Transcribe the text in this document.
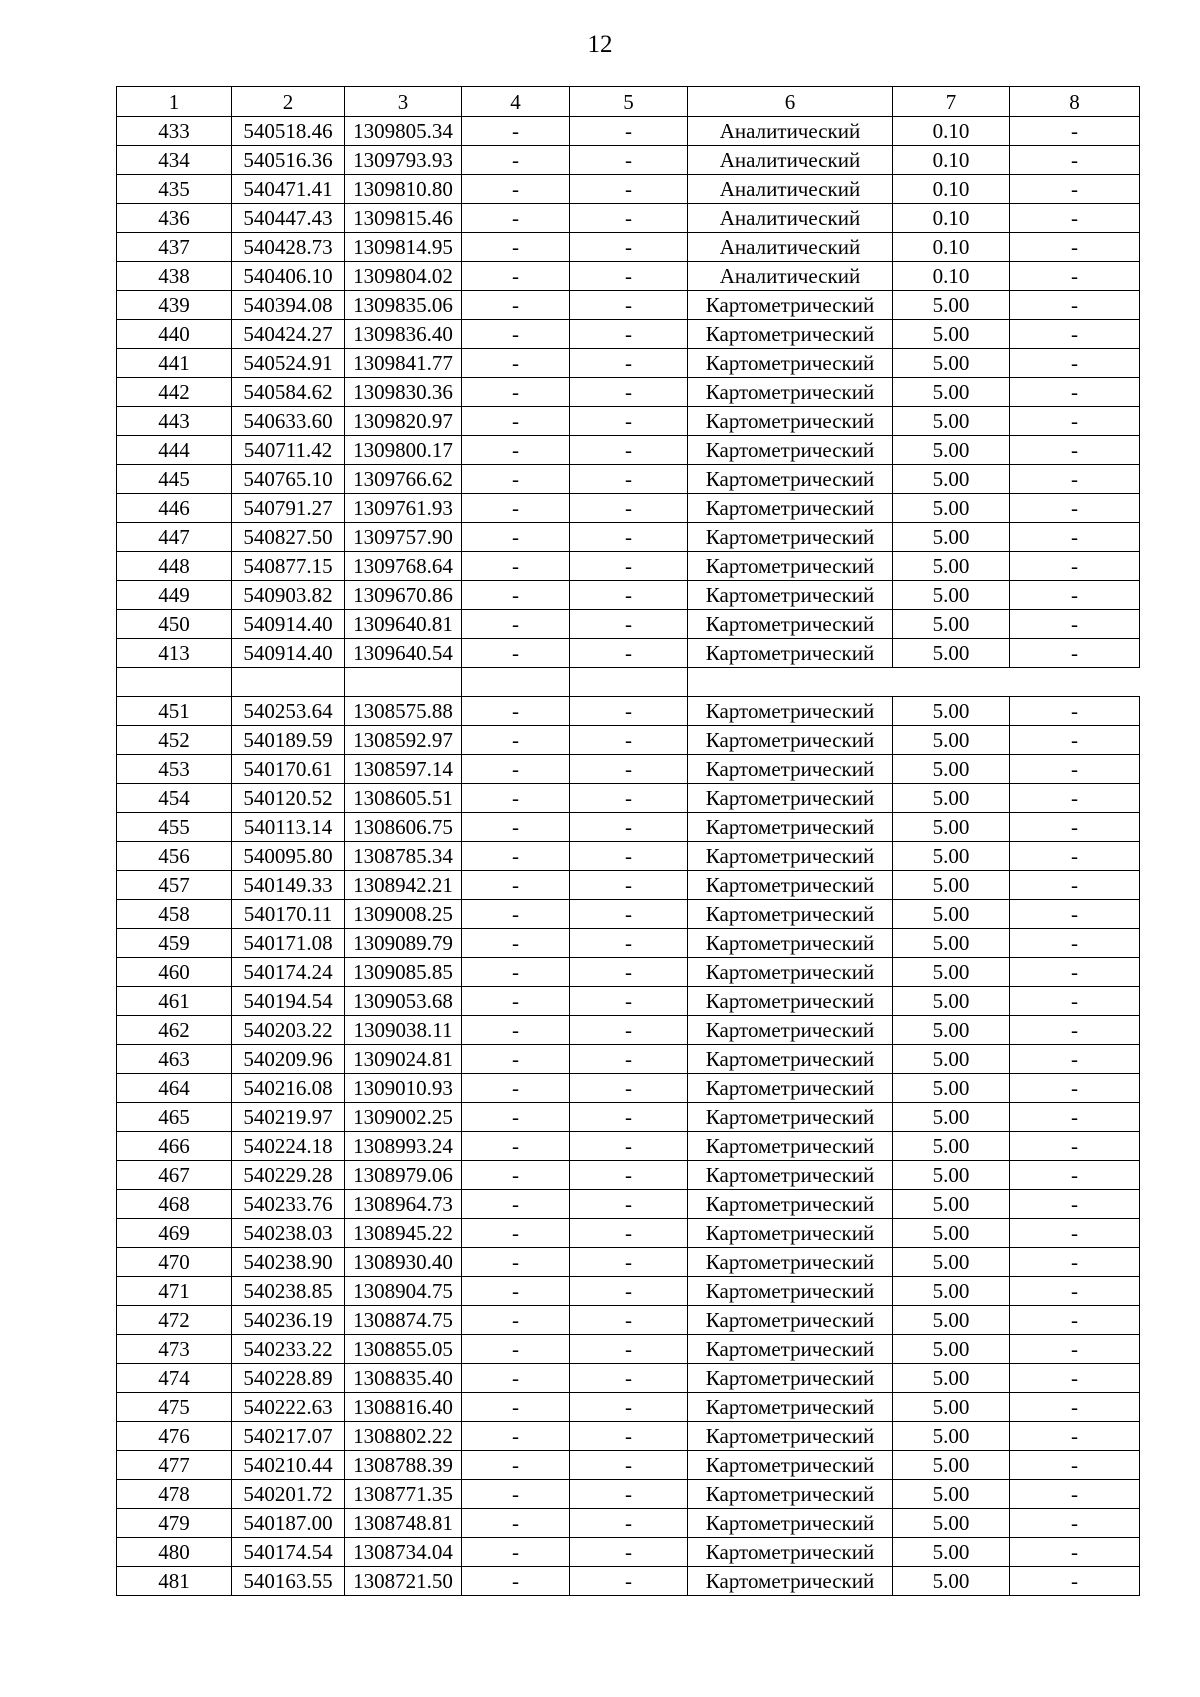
12
1	2	3	4	5	6	7	8
433	540518.46	1309805.34	-	-	Аналитический	0.10	-
434	540516.36	1309793.93	-	-	Аналитический	0.10	-
435	540471.41	1309810.80	-	-	Аналитический	0.10	-
436	540447.43	1309815.46	-	-	Аналитический	0.10	-
437	540428.73	1309814.95	-	-	Аналитический	0.10	-
438	540406.10	1309804.02	-	-	Аналитический	0.10	-
439	540394.08	1309835.06	-	-	Картометрический	5.00	-
440	540424.27	1309836.40	-	-	Картометрический	5.00	-
441	540524.91	1309841.77	-	-	Картометрический	5.00	-
442	540584.62	1309830.36	-	-	Картометрический	5.00	-
443	540633.60	1309820.97	-	-	Картометрический	5.00	-
444	540711.42	1309800.17	-	-	Картометрический	5.00	-
445	540765.10	1309766.62	-	-	Картометрический	5.00	-
446	540791.27	1309761.93	-	-	Картометрический	5.00	-
447	540827.50	1309757.90	-	-	Картометрический	5.00	-
448	540877.15	1309768.64	-	-	Картометрический	5.00	-
449	540903.82	1309670.86	-	-	Картометрический	5.00	-
450	540914.40	1309640.81	-	-	Картометрический	5.00	-
413	540914.40	1309640.54	-	-	Картометрический	5.00	-

451	540253.64	1308575.88	-	-	Картометрический	5.00	-
452	540189.59	1308592.97	-	-	Картометрический	5.00	-
453	540170.61	1308597.14	-	-	Картометрический	5.00	-
454	540120.52	1308605.51	-	-	Картометрический	5.00	-
455	540113.14	1308606.75	-	-	Картометрический	5.00	-
456	540095.80	1308785.34	-	-	Картометрический	5.00	-
457	540149.33	1308942.21	-	-	Картометрический	5.00	-
458	540170.11	1309008.25	-	-	Картометрический	5.00	-
459	540171.08	1309089.79	-	-	Картометрический	5.00	-
460	540174.24	1309085.85	-	-	Картометрический	5.00	-
461	540194.54	1309053.68	-	-	Картометрический	5.00	-
462	540203.22	1309038.11	-	-	Картометрический	5.00	-
463	540209.96	1309024.81	-	-	Картометрический	5.00	-
464	540216.08	1309010.93	-	-	Картометрический	5.00	-
465	540219.97	1309002.25	-	-	Картометрический	5.00	-
466	540224.18	1308993.24	-	-	Картометрический	5.00	-
467	540229.28	1308979.06	-	-	Картометрический	5.00	-
468	540233.76	1308964.73	-	-	Картометрический	5.00	-
469	540238.03	1308945.22	-	-	Картометрический	5.00	-
470	540238.90	1308930.40	-	-	Картометрический	5.00	-
471	540238.85	1308904.75	-	-	Картометрический	5.00	-
472	540236.19	1308874.75	-	-	Картометрический	5.00	-
473	540233.22	1308855.05	-	-	Картометрический	5.00	-
474	540228.89	1308835.40	-	-	Картометрический	5.00	-
475	540222.63	1308816.40	-	-	Картометрический	5.00	-
476	540217.07	1308802.22	-	-	Картометрический	5.00	-
477	540210.44	1308788.39	-	-	Картометрический	5.00	-
478	540201.72	1308771.35	-	-	Картометрический	5.00	-
479	540187.00	1308748.81	-	-	Картометрический	5.00	-
480	540174.54	1308734.04	-	-	Картометрический	5.00	-
481	540163.55	1308721.50	-	-	Картометрический	5.00	-
